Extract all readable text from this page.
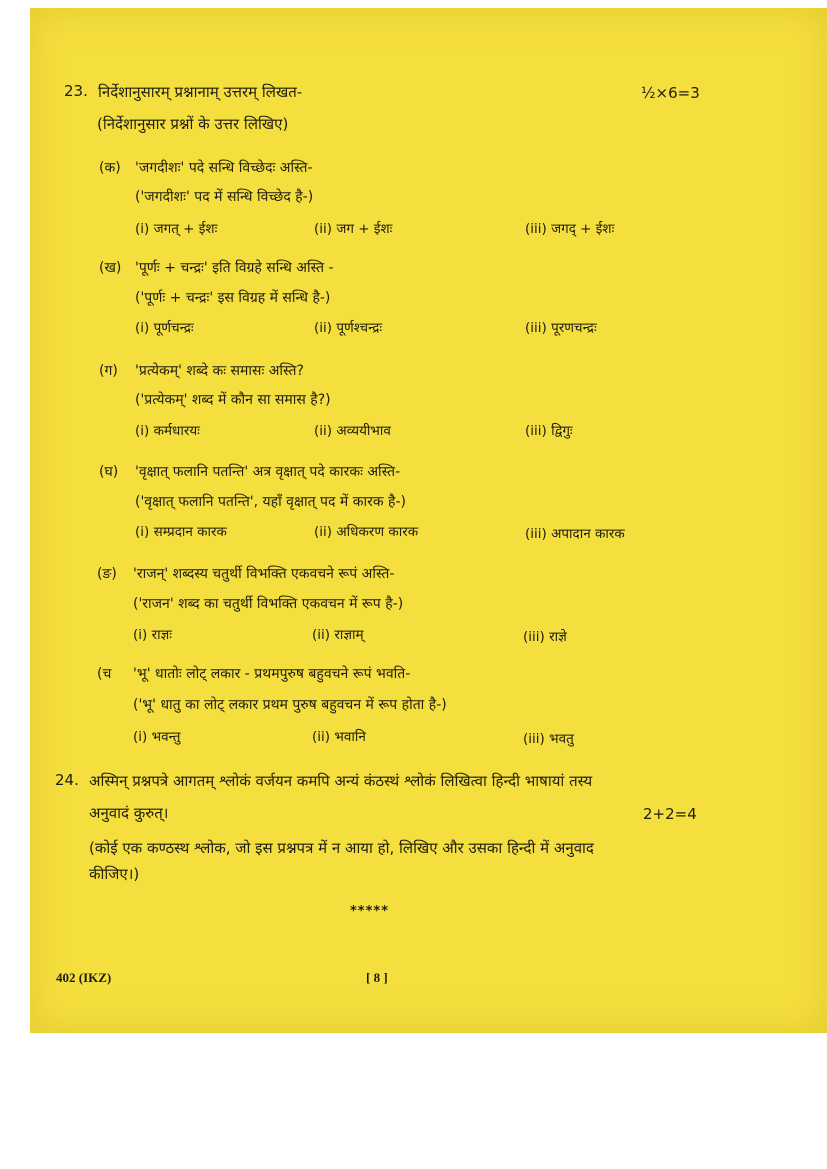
23. निर्देशानुसारम् प्रश्नानाम् उत्तरम् लिखत-	½×6=3
(निर्देशानुसार प्रश्नों के उत्तर लिखिए)
(क) 'जगदीशः' पदे सन्धि विच्छेदः अस्ति-
('जगदीशः' पद में सन्धि विच्छेद है-)
(i) जगत् + ईशः	(ii) जग + ईशः	(iii) जगद् + ईशः
(ख) 'पूर्णः + चन्द्रः' इति विग्रहे सन्धि अस्ति -
('पूर्णः + चन्द्रः' इस विग्रह में सन्धि है-)
(i) पूर्णचन्द्रः	(ii) पूर्णश्चन्द्रः	(iii) पूरणचन्द्रः
(ग) 'प्रत्येकम्' शब्दे कः समासः अस्ति?
('प्रत्येकम्' शब्द में कौन सा समास है?)
(i) कर्मधारयः	(ii) अव्ययीभाव	(iii) द्विगुः
(घ) 'वृक्षात् फलानि पतन्ति' अत्र वृक्षात् पदे कारकः अस्ति-
('वृक्षात् फलानि पतन्ति', यहाँ वृक्षात् पद में कारक है-)
(i) सम्प्रदान कारक	(ii) अधिकरण कारक	(iii) अपादान कारक
(ङ) 'राजन्' शब्दस्य चतुर्थी विभक्ति एकवचने रूपं अस्ति-
('राजन' शब्द का चतुर्थी विभक्ति एकवचन में रूप है-)
(i) राज्ञः	(ii) राज्ञाम्	(iii) राज्ञे
(च 'भू' धातोः लोट् लकार - प्रथमपुरुष बहुवचने रूपं भवति-
('भू' धातु का लोट् लकार प्रथम पुरुष बहुवचन में रूप होता है-)
(i) भवन्तु	(ii) भवानि	(iii) भवतु
24. अस्मिन् प्रश्नपत्रे आगतम् श्लोकं वर्जयन कमपि अन्यं कंठस्थं श्लोकं लिखित्वा हिन्दी भाषायां तस्य
अनुवादं कुरुत्।	2+2=4
(कोई एक कण्ठस्थ श्लोक, जो इस प्रश्नपत्र में न आया हो, लिखिए और उसका हिन्दी में अनुवाद
कीजिए।)
*****
402 (IKZ)	[ 8 ]
